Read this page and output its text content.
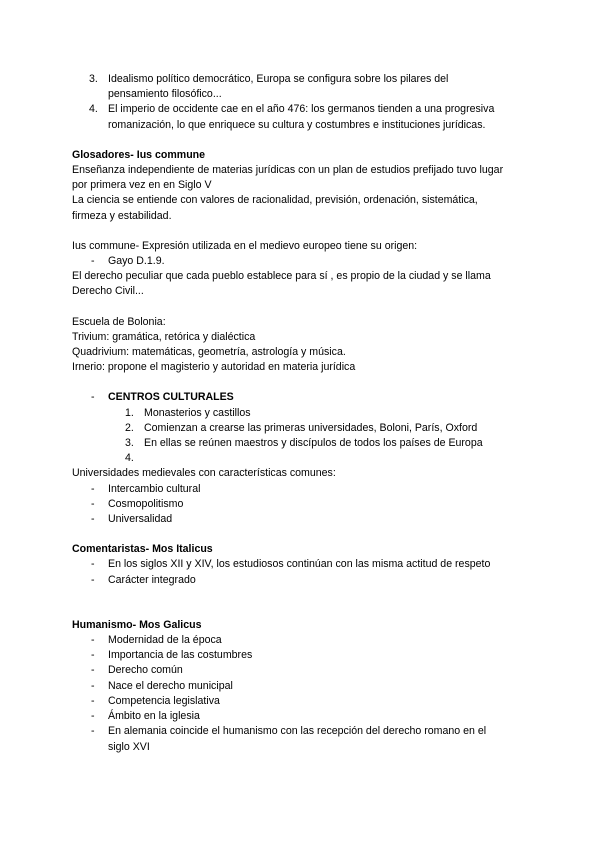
3. Idealismo político democrático, Europa se configura sobre los pilares del
pensamiento filosófico...
4. El imperio de occidente cae en el año 476: los germanos tienden a una progresiva
romanización, lo que enriquece su cultura y costumbres e instituciones jurídicas.
Glosadores- Ius commune
Enseñanza independiente de materias jurídicas con un plan de estudios prefijado tuvo lugar
por primera vez en en Siglo V
La ciencia se entiende con valores de racionalidad, previsión, ordenación, sistemática,
firmeza y estabilidad.
Ius commune- Expresión utilizada en el medievo europeo tiene su origen:
- Gayo D.1.9.
El derecho peculiar que cada pueblo establece para sí , es propio de la ciudad y se llama
Derecho Civil...
Escuela de Bolonia:
Trivium: gramática, retórica y dialéctica
Quadrivium: matemáticas, geometría, astrología y música.
Irnerio: propone el magisterio y autoridad en materia jurídica
- CENTROS CULTURALES
1. Monasterios y castillos
2. Comienzan a crearse las primeras universidades, Boloni, París, Oxford
3. En ellas se reúnen maestros y discípulos de todos los países de Europa
4.
Universidades medievales con características comunes:
- Intercambio cultural
- Cosmopolitismo
- Universalidad
Comentaristas- Mos Italicus
- En los siglos XII y XIV, los estudiosos continúan con las misma actitud de respeto
- Carácter integrado
Humanismo- Mos Galicus
- Modernidad de la época
- Importancia de las costumbres
- Derecho común
- Nace el derecho municipal
- Competencia legislativa
- Ámbito en la iglesia
- En alemania coincide el humanismo con las recepción del derecho romano en el
siglo XVI
